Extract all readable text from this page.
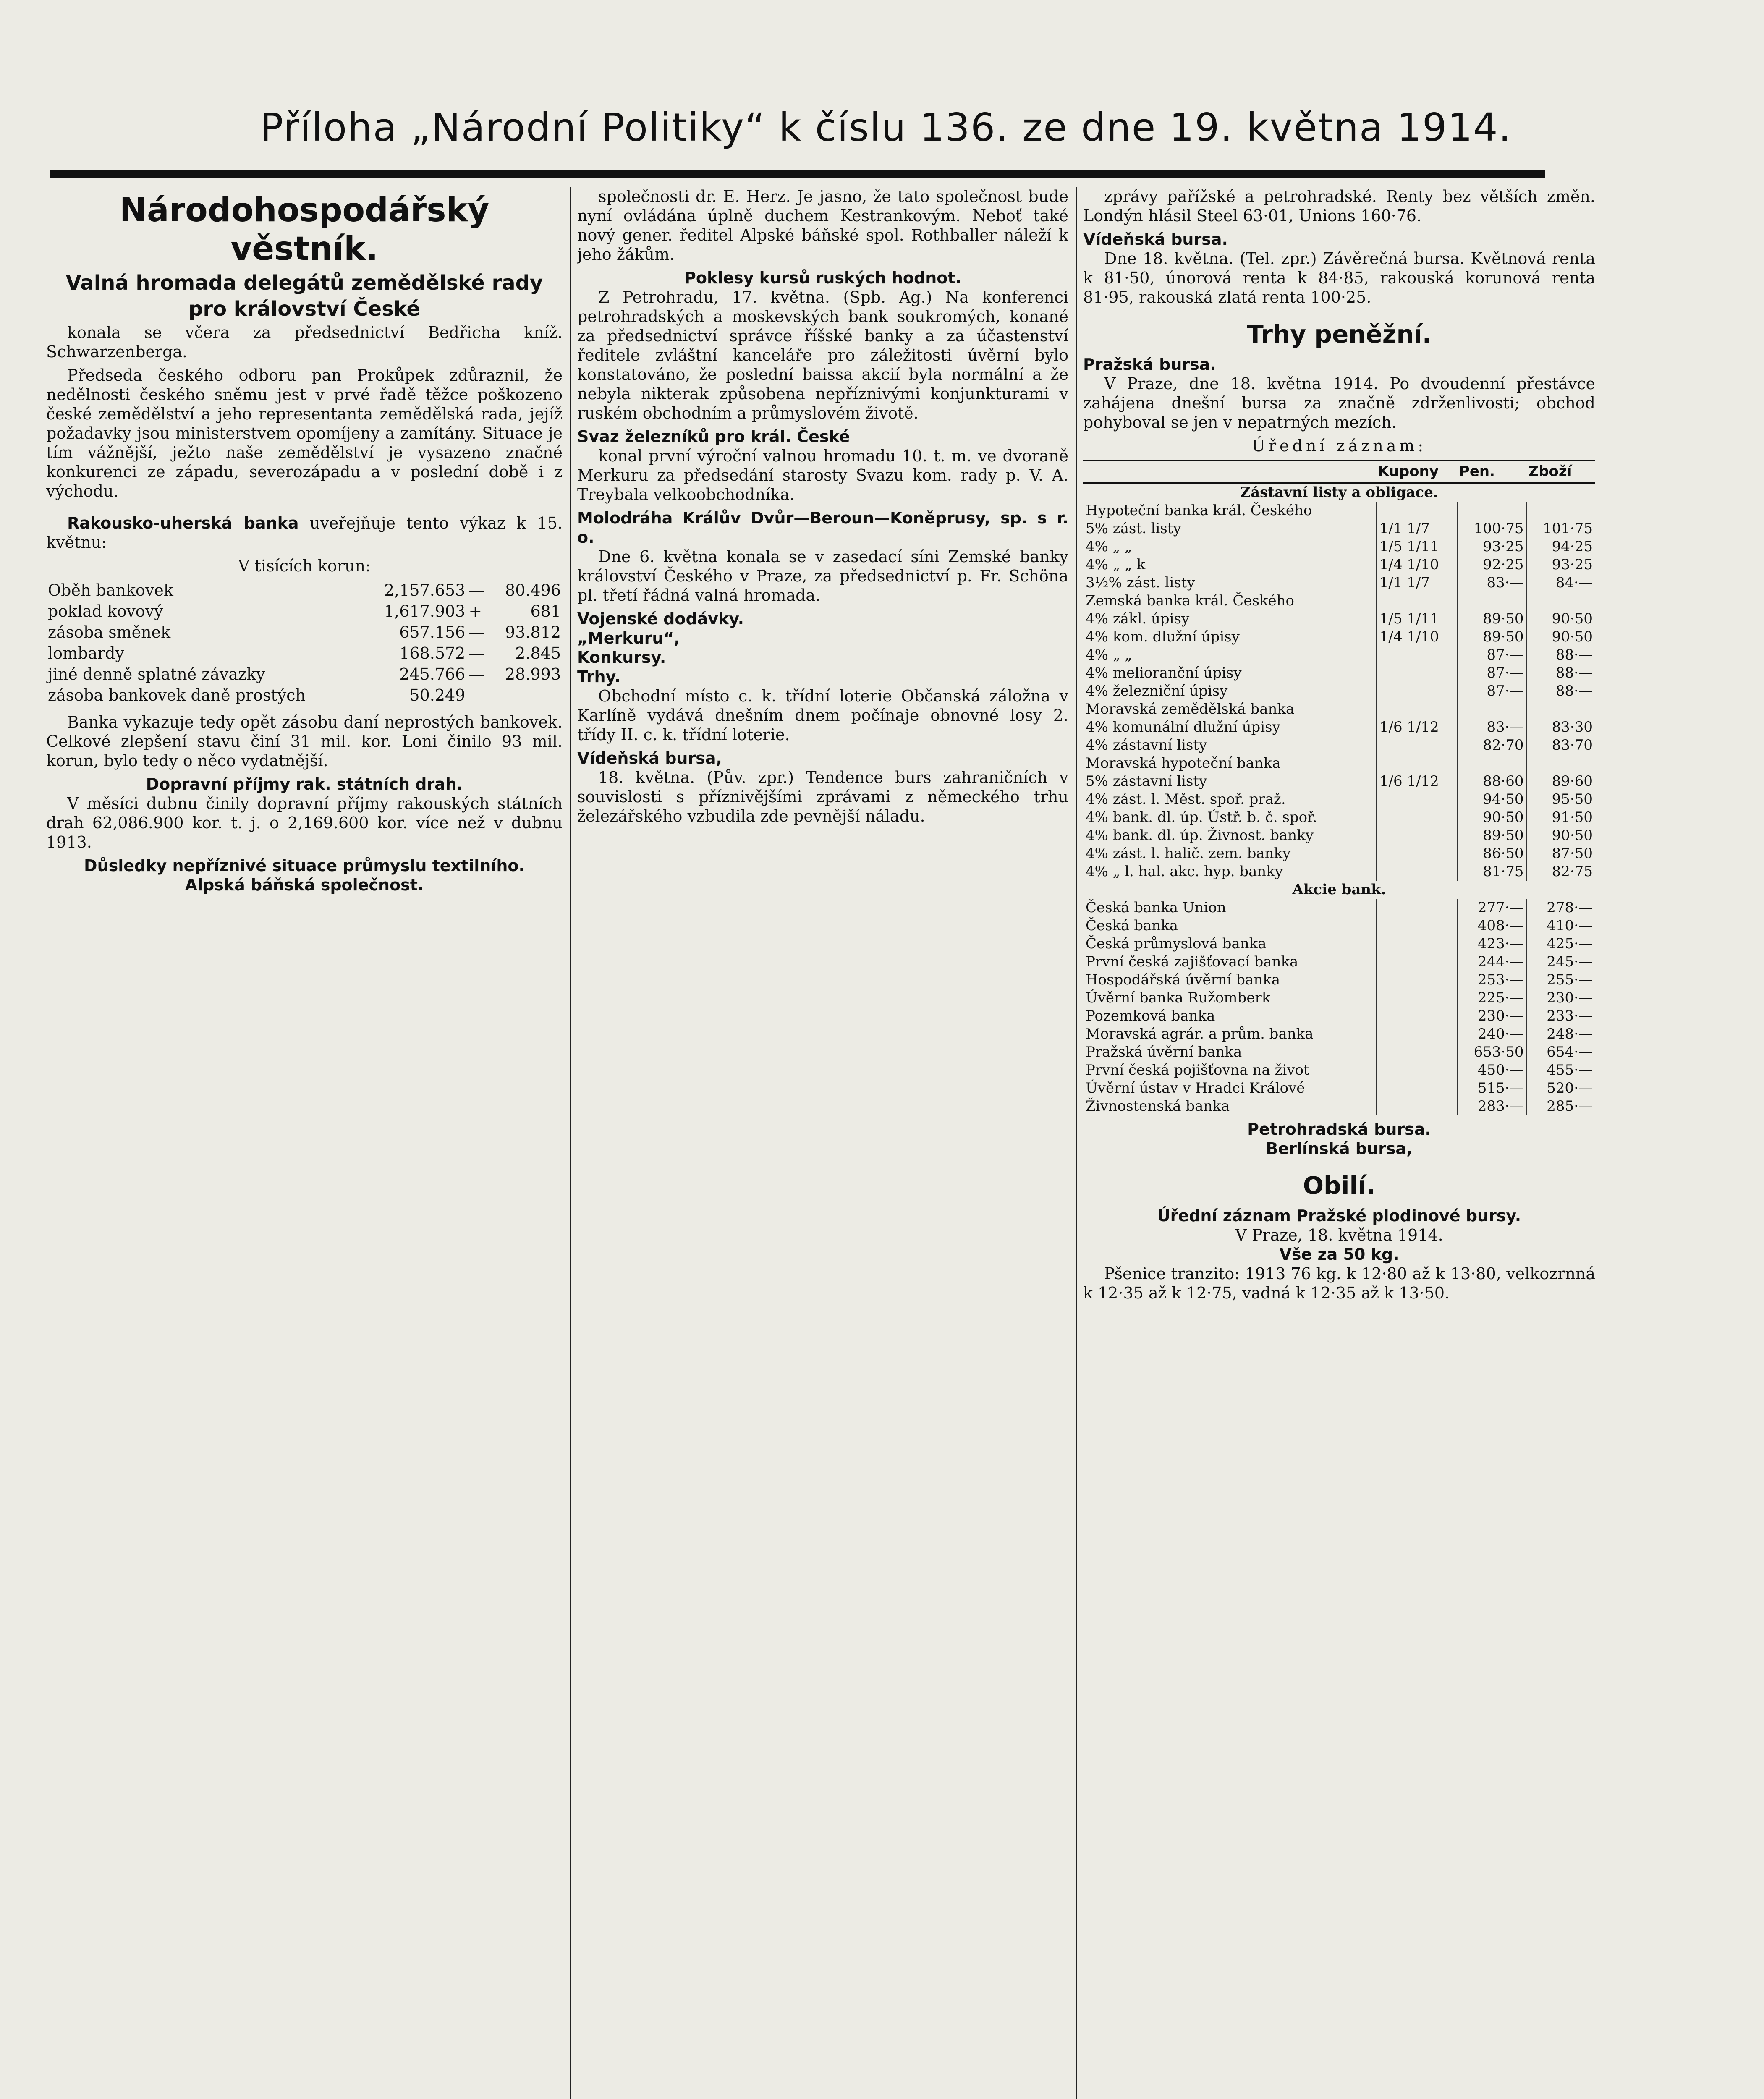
Příloha „Národní Politiky“ k číslu 136. ze dne 19. května 1914.
Národohospodářský věstník.
Valná hromada delegátů zemědělské rady
pro království České

konala se včera za předsednictví Bedřicha kníž. Schwarzenberga.

Předseda českého odboru pan Prokůpek zdůraznil, že nedělnosti českého sněmu jest v prvé řadě těžce poškozeno české zemědělství a jeho representanta zemědělská rada, jejíž požadavky jsou ministerstvem opomíjeny a zamítány. Situace je tím vážnější, ježto naše zemědělství je vysazeno značné konkurenci ze západu, severozápadu a v poslední době i z východu.

Rakousko-uherská banka uveřejňuje tento výkaz k 15. květnu:

V tisících korun:
Oběh bankovek	2,157.653	—	80.496
poklad kovový	1,617.903	+	681
zásoba směnek	657.156	—	93.812
lombardy	168.572	—	2.845
jiné denně splatné závazky	245.766	—	28.993
zásoba bankovek daně prostých	50.249		

Banka vykazuje tedy opět zásobu daní neprostých bankovek. Celkové zlepšení stavu činí 31 mil. kor. Loni činilo 93 mil. korun, bylo tedy o něco vydatnější.

Dopravní příjmy rak. státních drah.

V měsíci dubnu činily dopravní příjmy rakouských státních drah 62,086.900 kor. t. j. o 2,169.600 kor. více než v dubnu 1913.

Důsledky nepříznivé situace průmyslu textilního.
Alpská báňská společnost.

společnosti dr. E. Herz. Je jasno, že tato společnost bude nyní ovládána úplně duchem Kestrankovým. Neboť také nový gener. ředitel Alpské báňské spol. Rothballer náleží k jeho žákům.

Poklesy kursů ruských hodnot.

Z Petrohradu, 17. května. (Spb. Ag.) Na konferenci petrohradských a moskevských bank soukromých, konané za předsednictví správce říšské banky a za účastenství ředitele zvláštní kanceláře pro záležitosti úvěrní bylo konstatováno, že poslední baissa akcií byla normální a že nebyla nikterak způsobena nepříznivými konjunkturami v ruském obchodním a průmyslovém životě.

Svaz železníků pro král. České

konal první výroční valnou hromadu 10. t. m. ve dvoraně Merkuru za předsedání starosty Svazu kom. rady p. V. A. Treybala velkoobchodníka.

Molodráha Králův Dvůr—Beroun—Koněprusy, sp. s r. o.

Dne 6. května konala se v zasedací síni Zemské banky království Českého v Praze, za předsednictví p. Fr. Schöna pl. třetí řádná valná hromada.

Vojenské dodávky.
„Merkuru“,
Konkursy.
Trhy.

Obchodní místo c. k. třídní loterie Občanská záložna v Karlíně vydává dnešním dnem počínaje obnovné losy 2. třídy II. c. k. třídní loterie.

Vídeňská bursa,

18. května. (Pův. zpr.) Tendence burs zahraničních v souvislosti s příznivějšími zprávami z německého trhu železářského vzbudila zde pevnější náladu.

zprávy pařížské a petrohradské. Renty bez větších změn. Londýn hlásil Steel 63·01, Unions 160·76.

Vídeňská bursa.

Dne 18. května. (Tel. zpr.) Závěrečná bursa. Květnová renta k 81·50, únorová renta k 84·85, rakouská korunová renta 81·95, rakouská zlatá renta 100·25.

Trhy peněžní.
Pražská bursa.

V Praze, dne 18. května 1914. Po dvoudenní přestávce zahájena dnešní bursa za značně zdrženlivosti; obchod pohyboval se jen v nepatrných mezích.

Úřední záznam:
	Kupony	Pen.	Zboží
Zástavní listy a obligace.			
Hypoteční banka král. Českého			
5% zást. listy	1/1 1/7	100·75	101·75
4% „ „	1/5 1/11	93·25	94·25
4% „ „ k	1/4 1/10	92·25	93·25
3½% zást. listy	1/1 1/7	83·—	84·—
Zemská banka král. Českého			
4% zákl. úpisy	1/5 1/11	89·50	90·50
4% kom. dlužní úpisy	1/4 1/10	89·50	90·50
4% „ „		87·—	88·—
4% melioranční úpisy		87·—	88·—
4% železniční úpisy		87·—	88·—
Moravská zemědělská banka			
4% komunální dlužní úpisy	1/6 1/12	83·—	83·30
4% zástavní listy		82·70	83·70
Moravská hypoteční banka			
5% zástavní listy	1/6 1/12	88·60	89·60
4% zást. l. Měst. spoř. praž.		94·50	95·50
4% bank. dl. úp. Ústř. b. č. spoř.		90·50	91·50
4% bank. dl. úp. Živnost. banky		89·50	90·50
4% zást. l. halič. zem. banky		86·50	87·50
4% „ l. hal. akc. hyp. banky		81·75	82·75
Akcie bank.			
Česká banka Union		277·—	278·—
Česká banka		408·—	410·—
Česká průmyslová banka		423·—	425·—
První česká zajišťovací banka		244·—	245·—
Hospodářská úvěrní banka		253·—	255·—
Úvěrní banka Ružomberk		225·—	230·—
Pozemková banka		230·—	233·—
Moravská agrár. a prům. banka		240·—	248·—
Pražská úvěrní banka		653·50	654·—
První česká pojišťovna na život		450·—	455·—
Úvěrní ústav v Hradci Králové		515·—	520·—
Živnostenská banka		283·—	285·—
Petrohradská bursa.
Berlínská bursa,
Obilí.
Úřední záznam Pražské plodinové bursy.
V Praze, 18. května 1914.
Vše za 50 kg.

Pšenice tranzito: 1913 76 kg. k 12·80 až k 13·80, velkozrnná k 12·35 až k 12·75, vadná k 12·35 až k 13·50.
